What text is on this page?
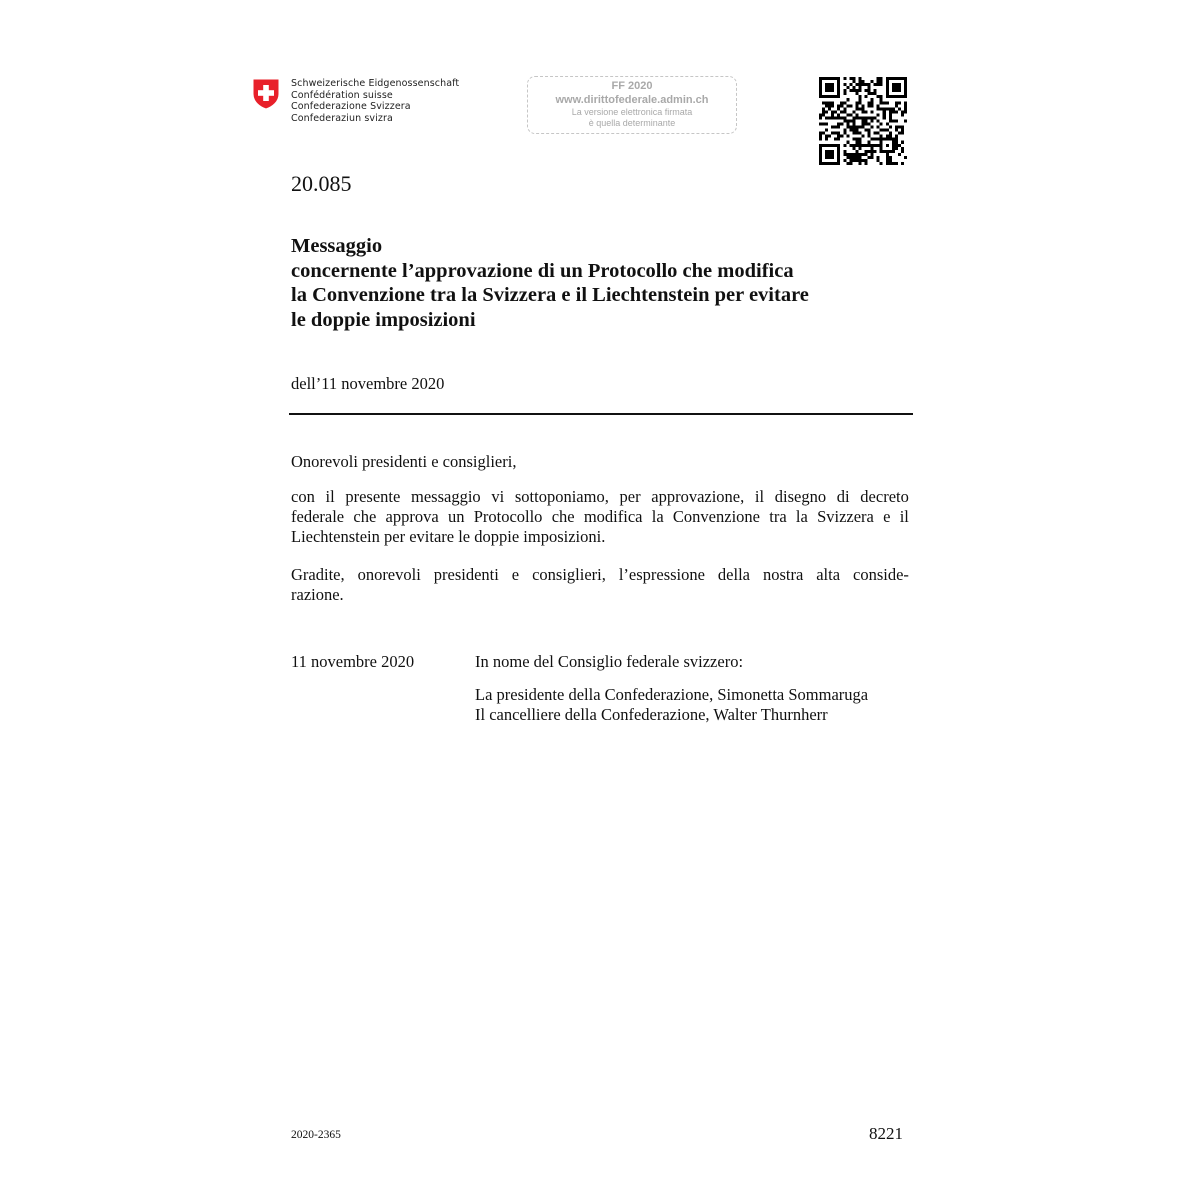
Schweizerische Eidgenossenschaft
Confédération suisse
Confederazione Svizzera
Confederaziun svizra
FF 2020
www.dirittofederale.admin.ch
La versione elettronica firmata
è quella determinante
20.085
Messaggio
concernente l’approvazione di un Protocollo che modifica
la Convenzione tra la Svizzera e il Liechtenstein per evitare
le doppie imposizioni
dell’11 novembre 2020
Onorevoli presidenti e consiglieri,
con il presente messaggio vi sottoponiamo, per approvazione, il disegno di decreto
federale che approva un Protocollo che modifica la Convenzione tra la Svizzera e il
Liechtenstein per evitare le doppie imposizioni.
Gradite, onorevoli presidenti e consiglieri, l’espressione della nostra alta conside-
razione.
11 novembre 2020	In nome del Consiglio federale svizzero:
La presidente della Confederazione, Simonetta Sommaruga
Il cancelliere della Confederazione, Walter Thurnherr
2020-2365	8221
